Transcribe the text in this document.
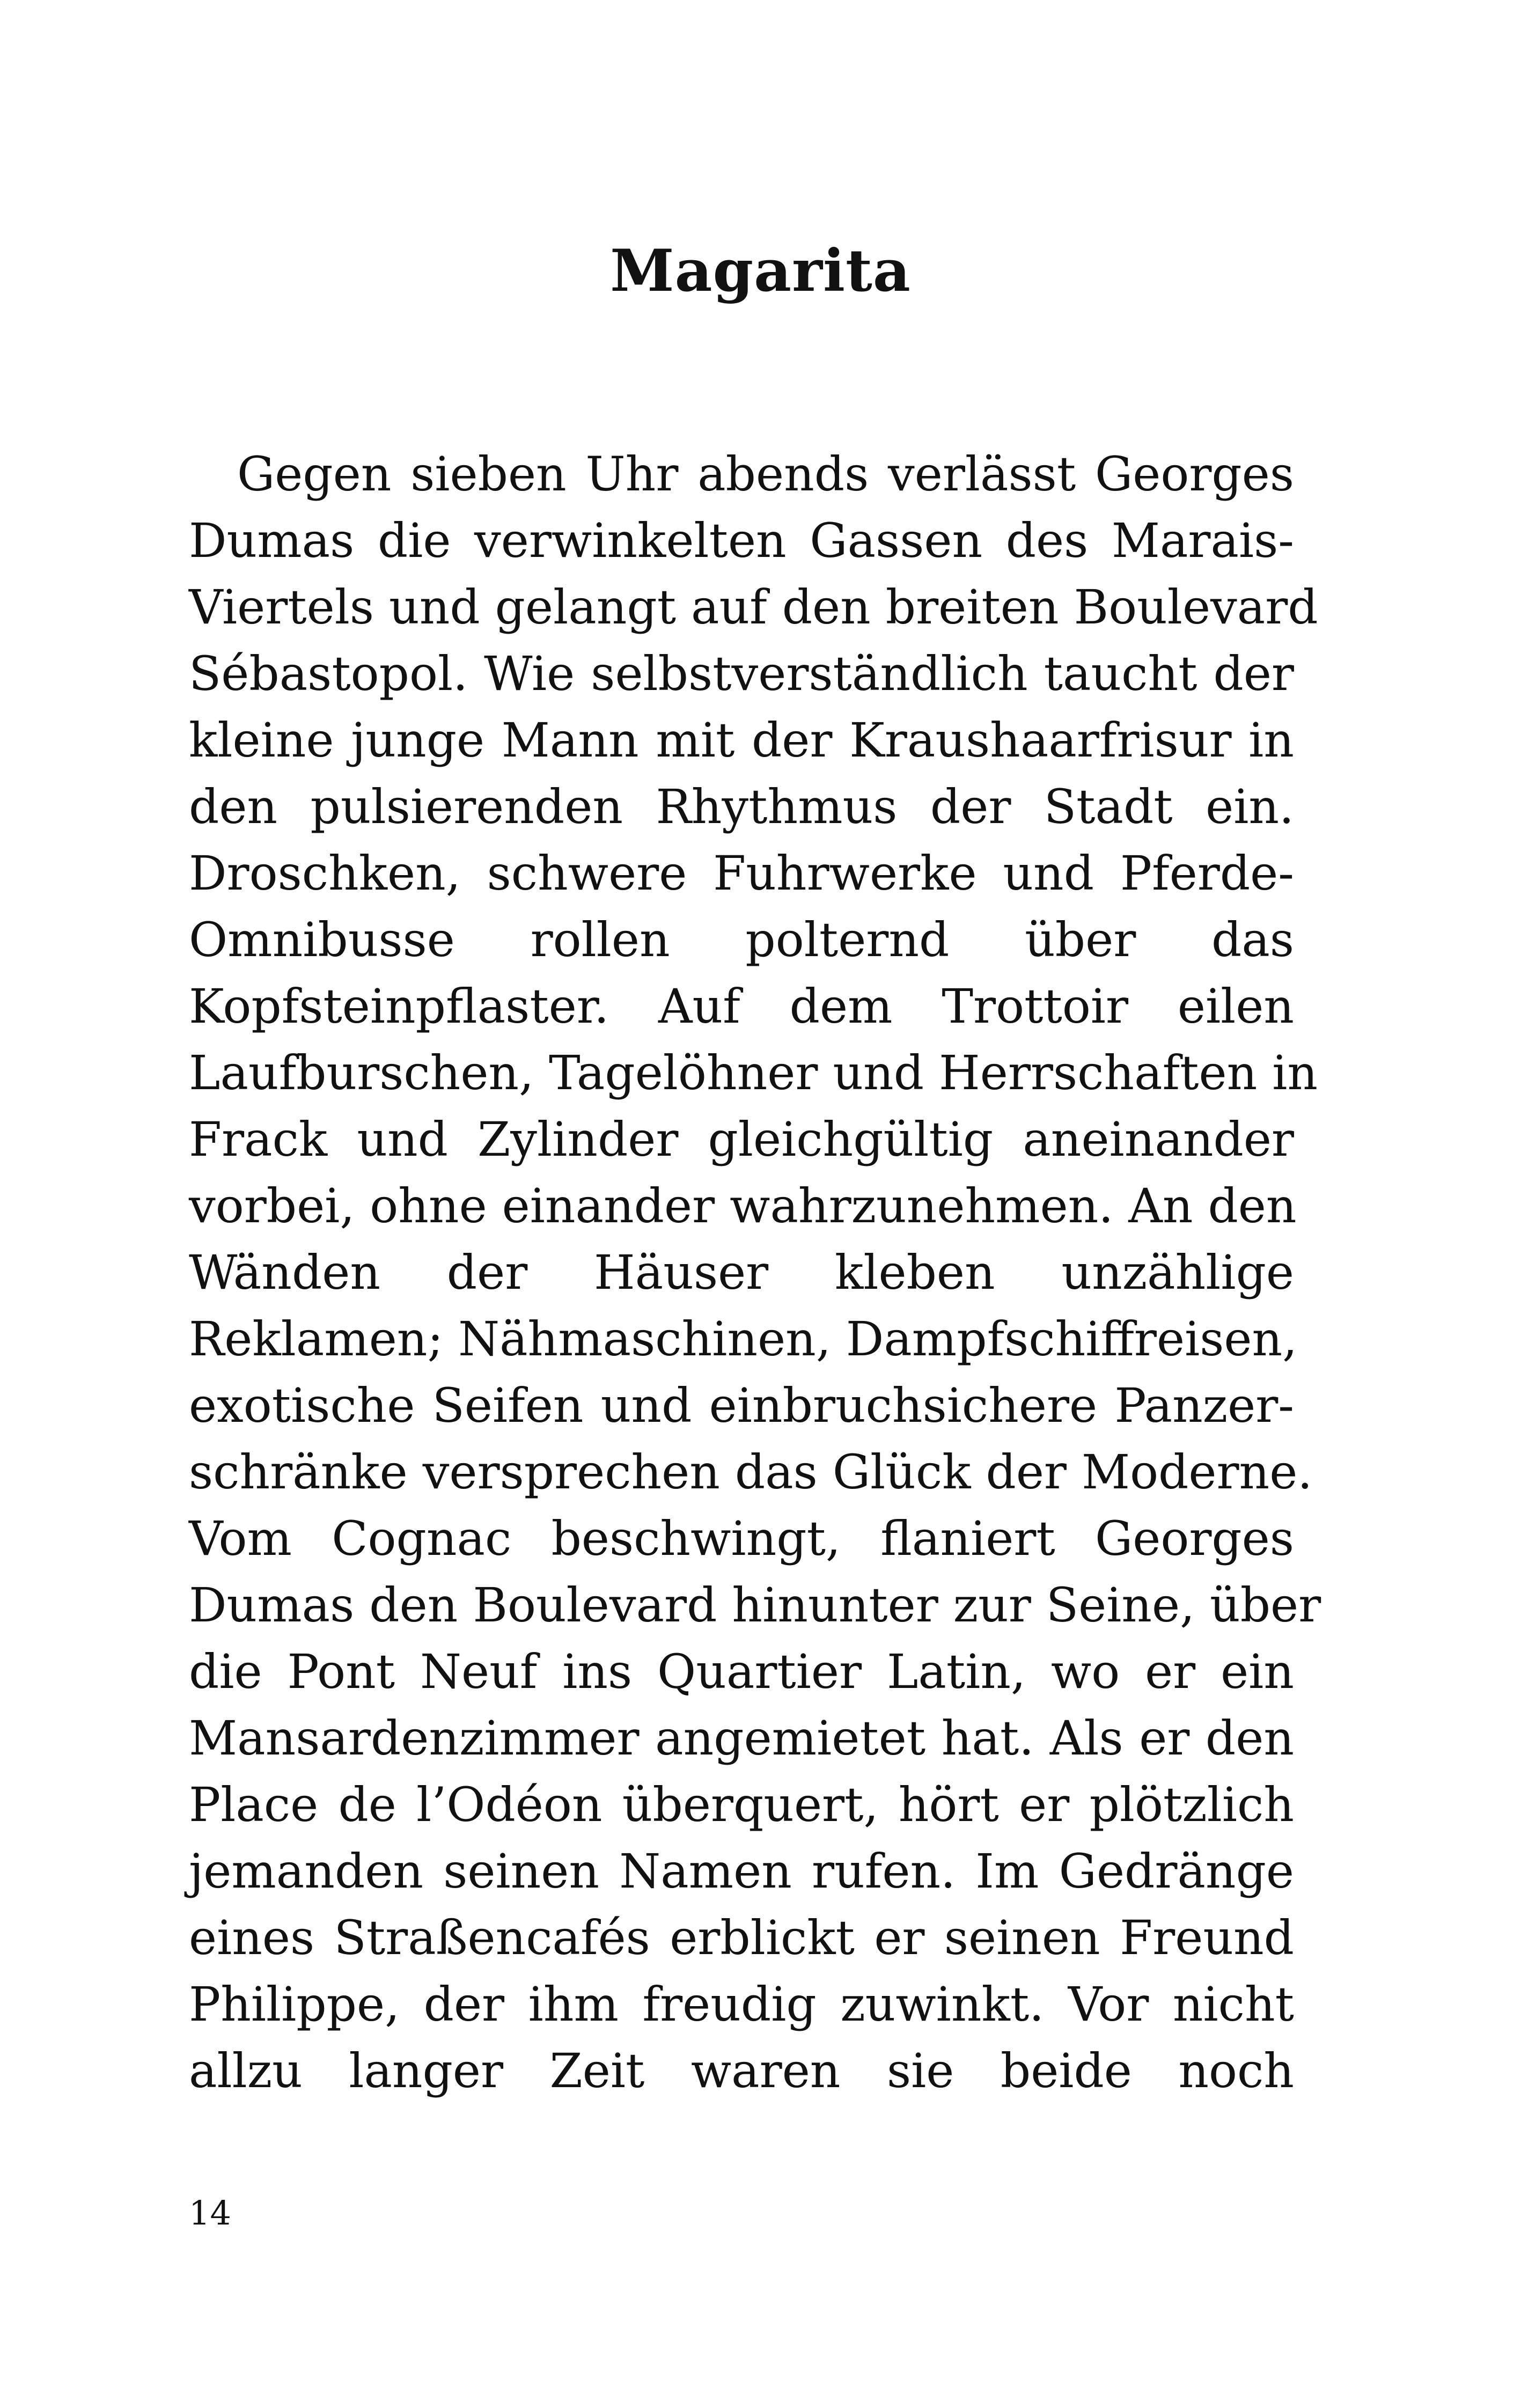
Magarita
Gegen sieben Uhr abends verlässt Georges
Dumas die verwinkelten Gassen des Marais-
Viertels und gelangt auf den breiten Boulevard
Sébastopol. Wie selbstverständlich taucht der
kleine junge Mann mit der Kraushaarfrisur in
den pulsierenden Rhythmus der Stadt ein.
Droschken, schwere Fuhrwerke und Pferde-
Omnibusse rollen polternd über das
Kopfsteinpflaster. Auf dem Trottoir eilen
Laufburschen, Tagelöhner und Herrschaften in
Frack und Zylinder gleichgültig aneinander
vorbei, ohne einander wahrzunehmen. An den
Wänden der Häuser kleben unzählige
Reklamen; Nähmaschinen, Dampfschiffreisen,
exotische Seifen und einbruchsichere Panzer-
schränke versprechen das Glück der Moderne.
Vom Cognac beschwingt, flaniert Georges
Dumas den Boulevard hinunter zur Seine, über
die Pont Neuf ins Quartier Latin, wo er ein
Mansardenzimmer angemietet hat. Als er den
Place de l’Odéon überquert, hört er plötzlich
jemanden seinen Namen rufen. Im Gedränge
eines Straßencafés erblickt er seinen Freund
Philippe, der ihm freudig zuwinkt. Vor nicht
allzu langer Zeit waren sie beide noch
14
